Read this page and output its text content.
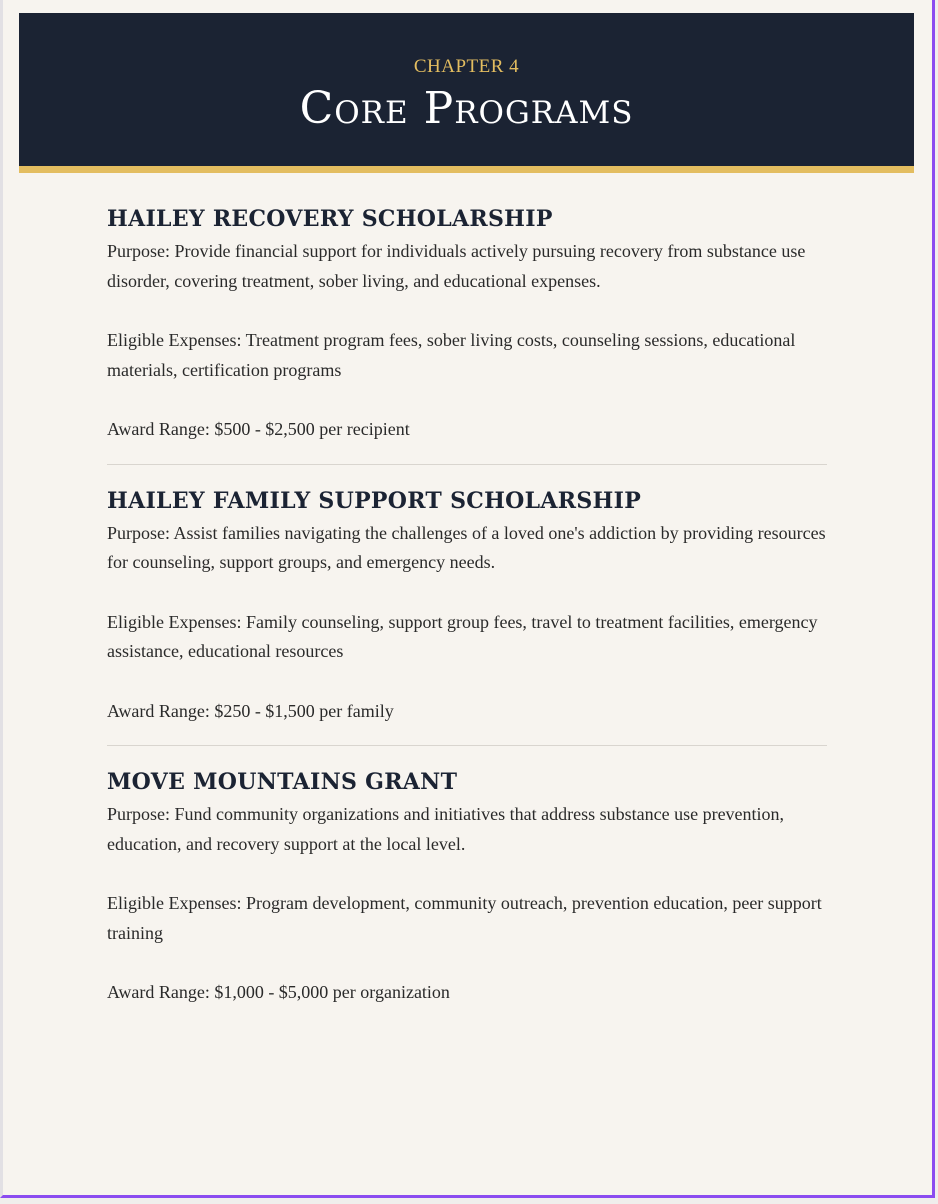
CHAPTER 4
Core Programs
HAILEY RECOVERY SCHOLARSHIP

Purpose: Provide financial support for individuals actively pursuing recovery from substance use disorder, covering treatment, sober living, and educational expenses.

Eligible Expenses: Treatment program fees, sober living costs, counseling sessions, educational materials, certification programs

Award Range: $500 - $2,500 per recipient

HAILEY FAMILY SUPPORT SCHOLARSHIP

Purpose: Assist families navigating the challenges of a loved one's addiction by providing resources for counseling, support groups, and emergency needs.

Eligible Expenses: Family counseling, support group fees, travel to treatment facilities, emergency assistance, educational resources

Award Range: $250 - $1,500 per family

MOVE MOUNTAINS GRANT

Purpose: Fund community organizations and initiatives that address substance use prevention, education, and recovery support at the local level.

Eligible Expenses: Program development, community outreach, prevention education, peer support training

Award Range: $1,000 - $5,000 per organization
